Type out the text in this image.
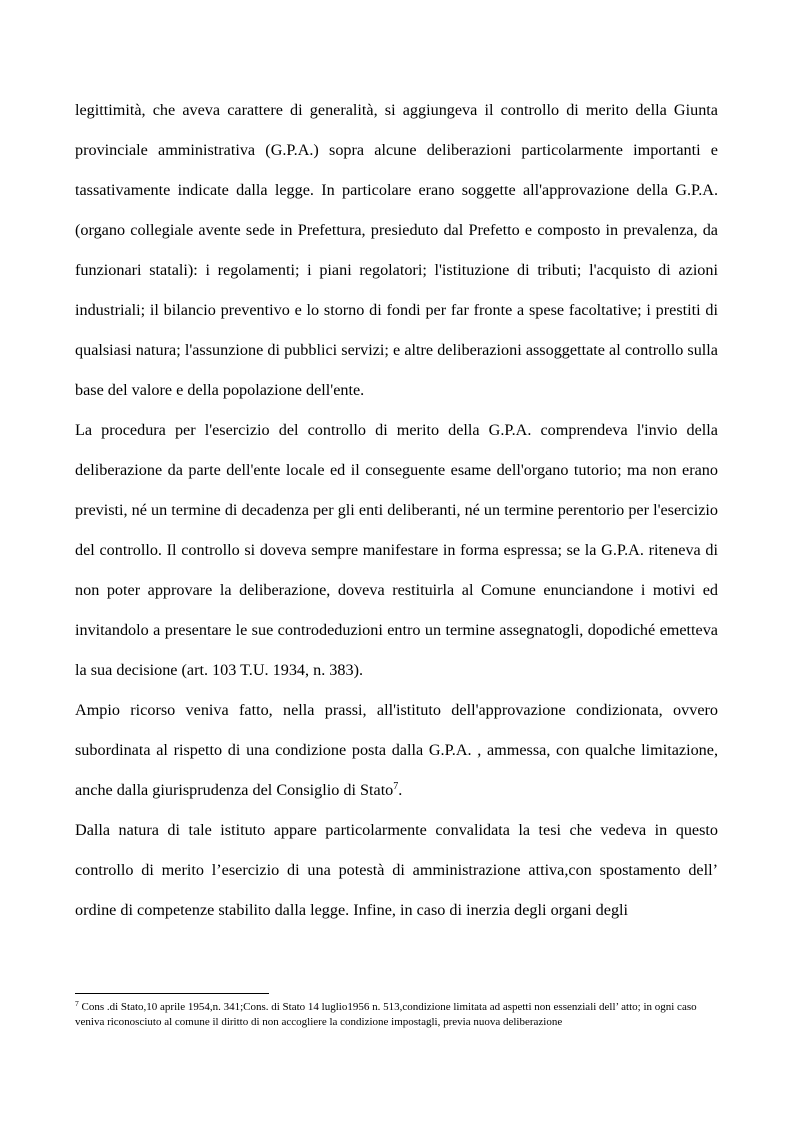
legittimità, che aveva carattere di generalità, si aggiungeva il controllo di merito della Giunta provinciale amministrativa (G.P.A.) sopra alcune deliberazioni particolarmente importanti e tassativamente indicate dalla legge. In particolare erano soggette all'approvazione della G.P.A. (organo collegiale avente sede in Prefettura, presieduto dal Prefetto e composto in prevalenza, da funzionari statali): i regolamenti; i piani regolatori; l'istituzione di tributi; l'acquisto di azioni industriali; il bilancio preventivo e lo storno di fondi per far fronte a spese facoltative; i prestiti di qualsiasi natura; l'assunzione di pubblici servizi; e altre deliberazioni assoggettate al controllo sulla base del valore e della popolazione dell'ente.

La procedura per l'esercizio del controllo di merito della G.P.A. comprendeva l'invio della deliberazione da parte dell'ente locale ed il conseguente esame dell'organo tutorio; ma non erano previsti, né un termine di decadenza per gli enti deliberanti, né un termine perentorio per l'esercizio del controllo. Il controllo si doveva sempre manifestare in forma espressa; se la G.P.A. riteneva di non poter approvare la deliberazione, doveva restituirla al Comune enunciandone i motivi ed invitandolo a presentare le sue controdeduzioni entro un termine assegnatogli, dopodiché emetteva la sua decisione (art. 103 T.U. 1934, n. 383).

Ampio ricorso veniva fatto, nella prassi, all'istituto dell'approvazione condizionata, ovvero subordinata al rispetto di una condizione posta dalla G.P.A. , ammessa, con qualche limitazione, anche dalla giurisprudenza del Consiglio di Stato$^7$.

Dalla natura di tale istituto appare particolarmente convalidata la tesi che vedeva in questo controllo di merito l’esercizio di una potestà di amministrazione attiva,con spostamento dell’ ordine di competenze stabilito dalla legge. Infine, in caso di inerzia degli organi degli

$^7$ Cons .di Stato,10 aprile 1954,n. 341;Cons. di Stato 14 luglio1956 n. 513,condizione limitata ad aspetti non essenziali dell’ atto; in ogni caso veniva riconosciuto al comune il diritto di non accogliere la condizione impostagli, previa nuova deliberazione
